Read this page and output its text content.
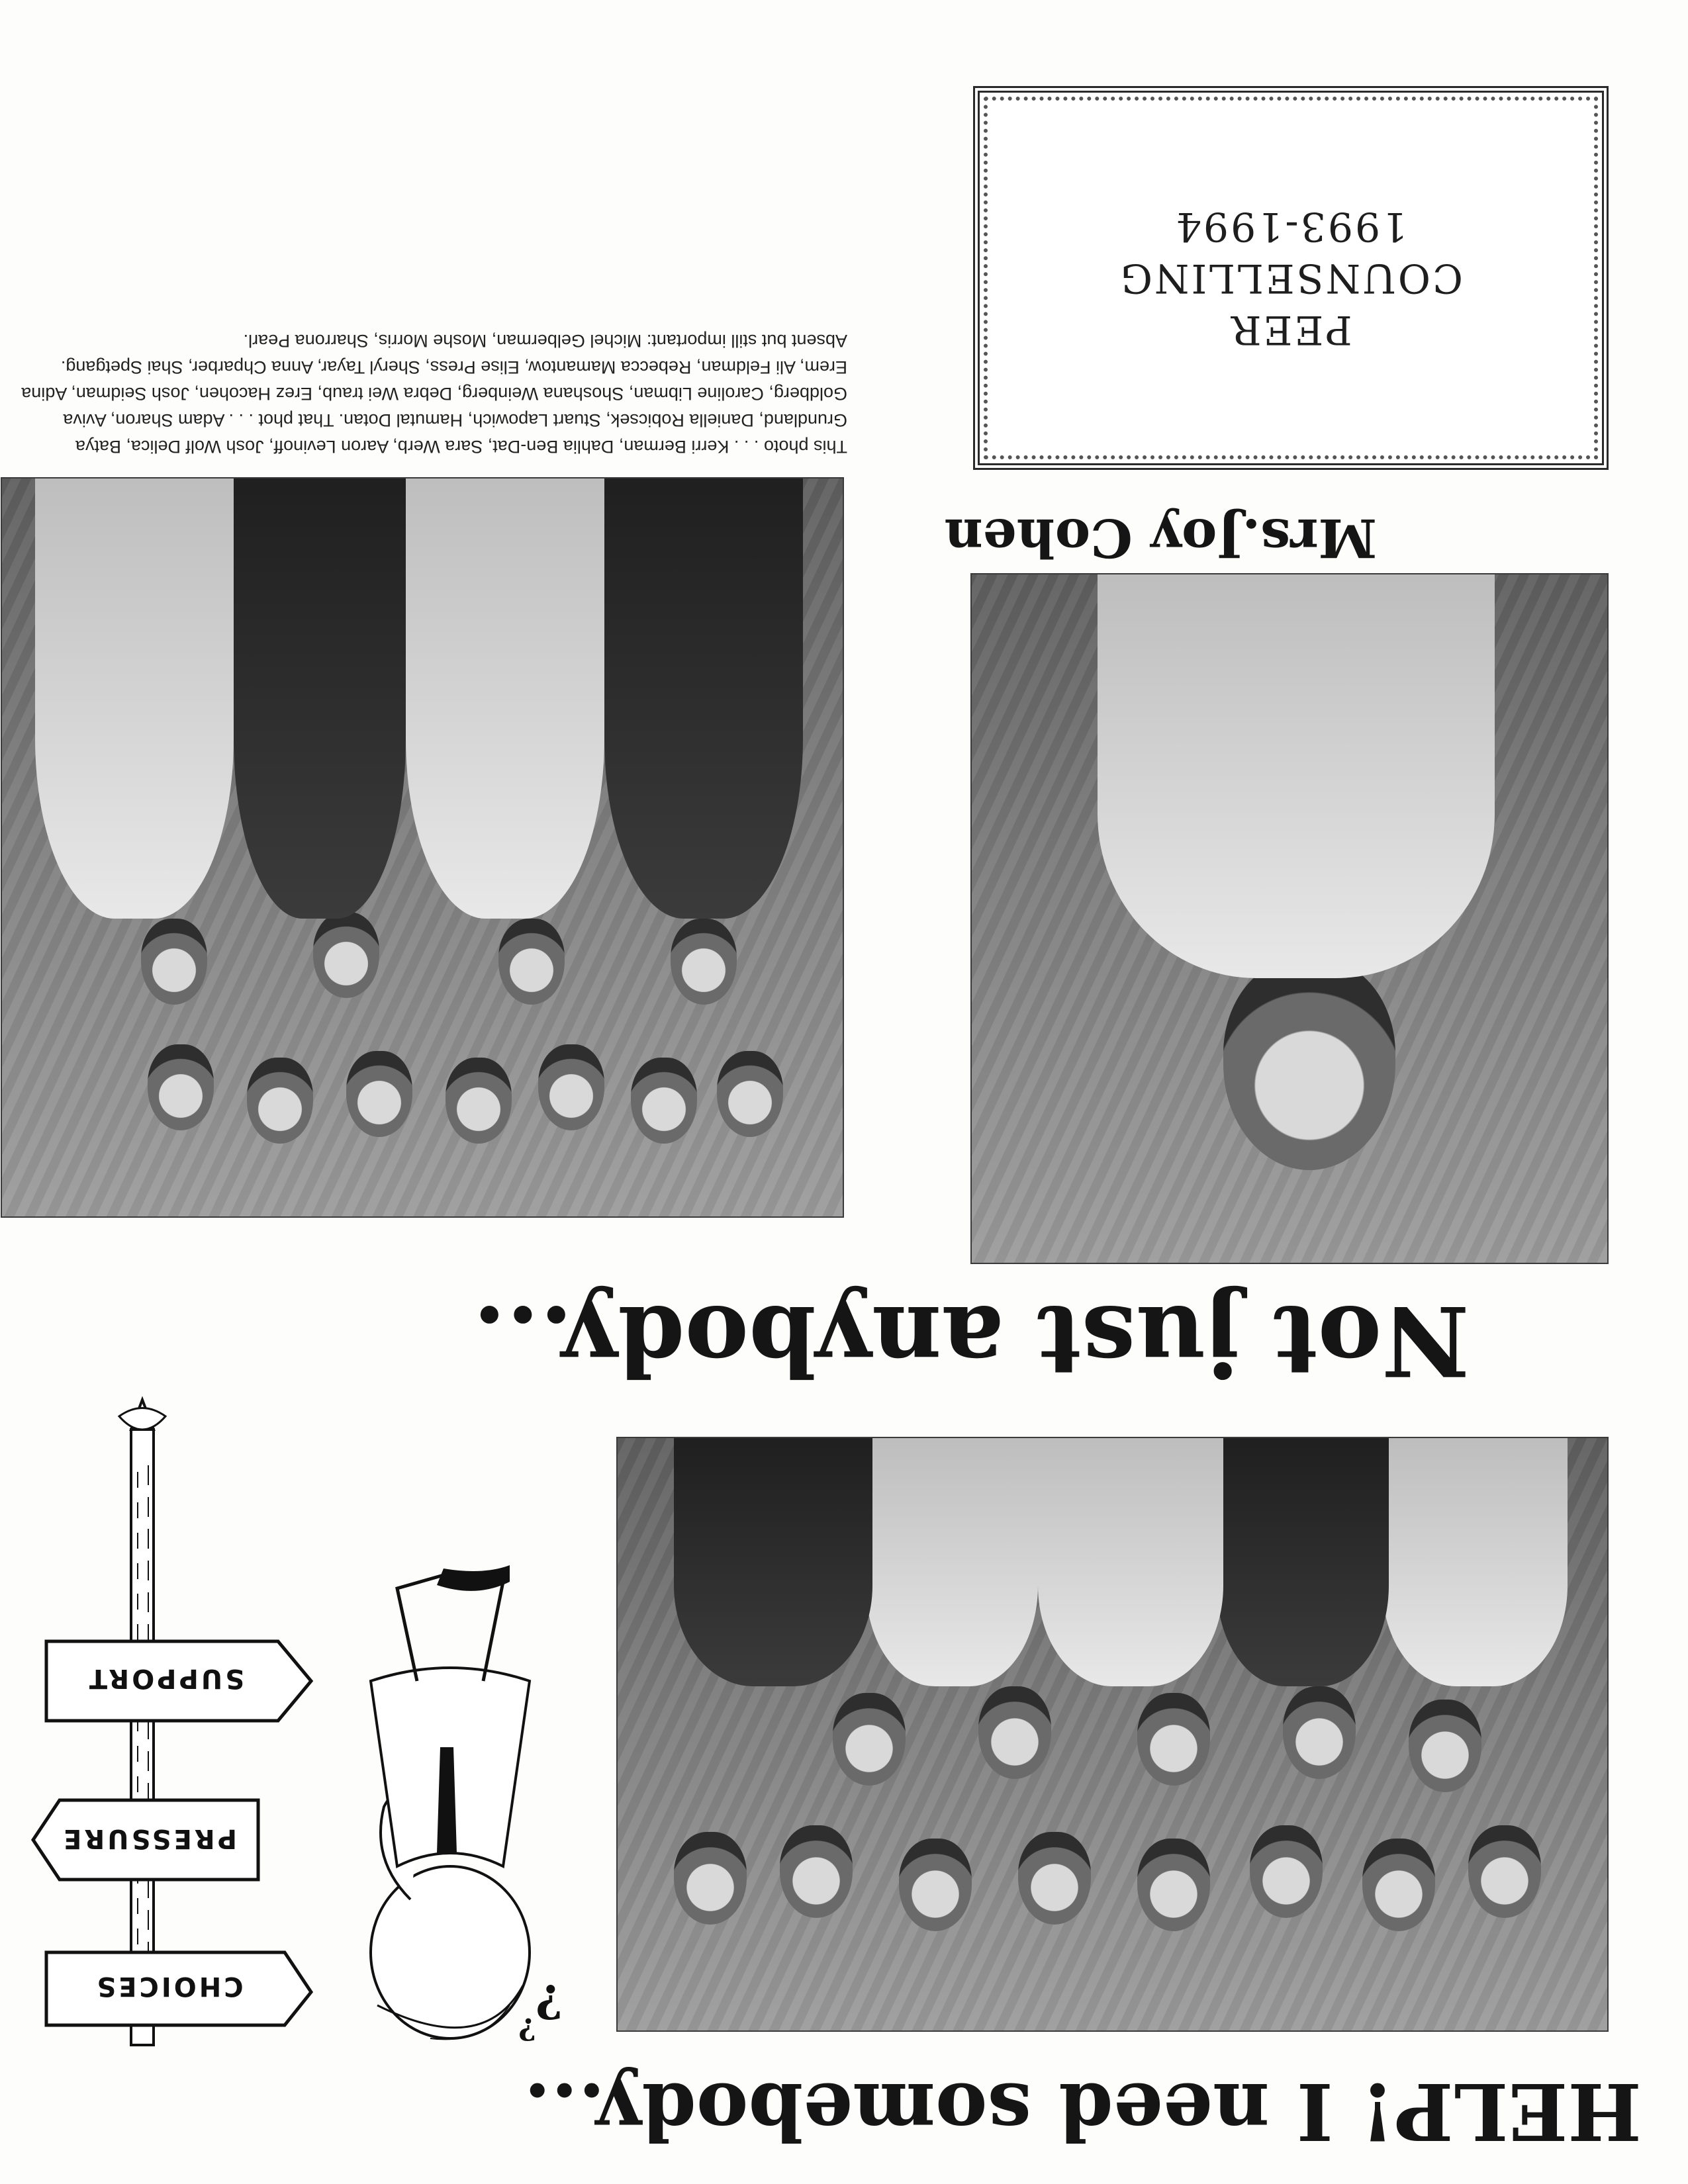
HELP! I need somebody...
CHOICES
PRESSURE
SUPPORT
?
?
Not just anybody...
Mrs.Joy Cohen
PEER
COUNSELLING
1993-1994
This photo . . . Kerri Berman, Dahlia Ben-Dat, Sara Werb, Aaron Levinoff, Josh Wolf Delica, Batya Grundland, Daniella Robicsek, Stuart Lapowich, Hamutal Dotan. That phot . . . Adam Sharon, Aviva Goldberg, Caroline Libman, Shoshana Weinberg, Debra Wei traub, Erez Hacohen, Josh Seidman, Adina Erem, Ali Feldman, Rebecca Mamantow, Elise Press, Sheryl Tayar, Anna Chparber, Shai Spetgang. Absent but still important: Michel Gelberman, Moshe Morris, Sharrona Pearl.
